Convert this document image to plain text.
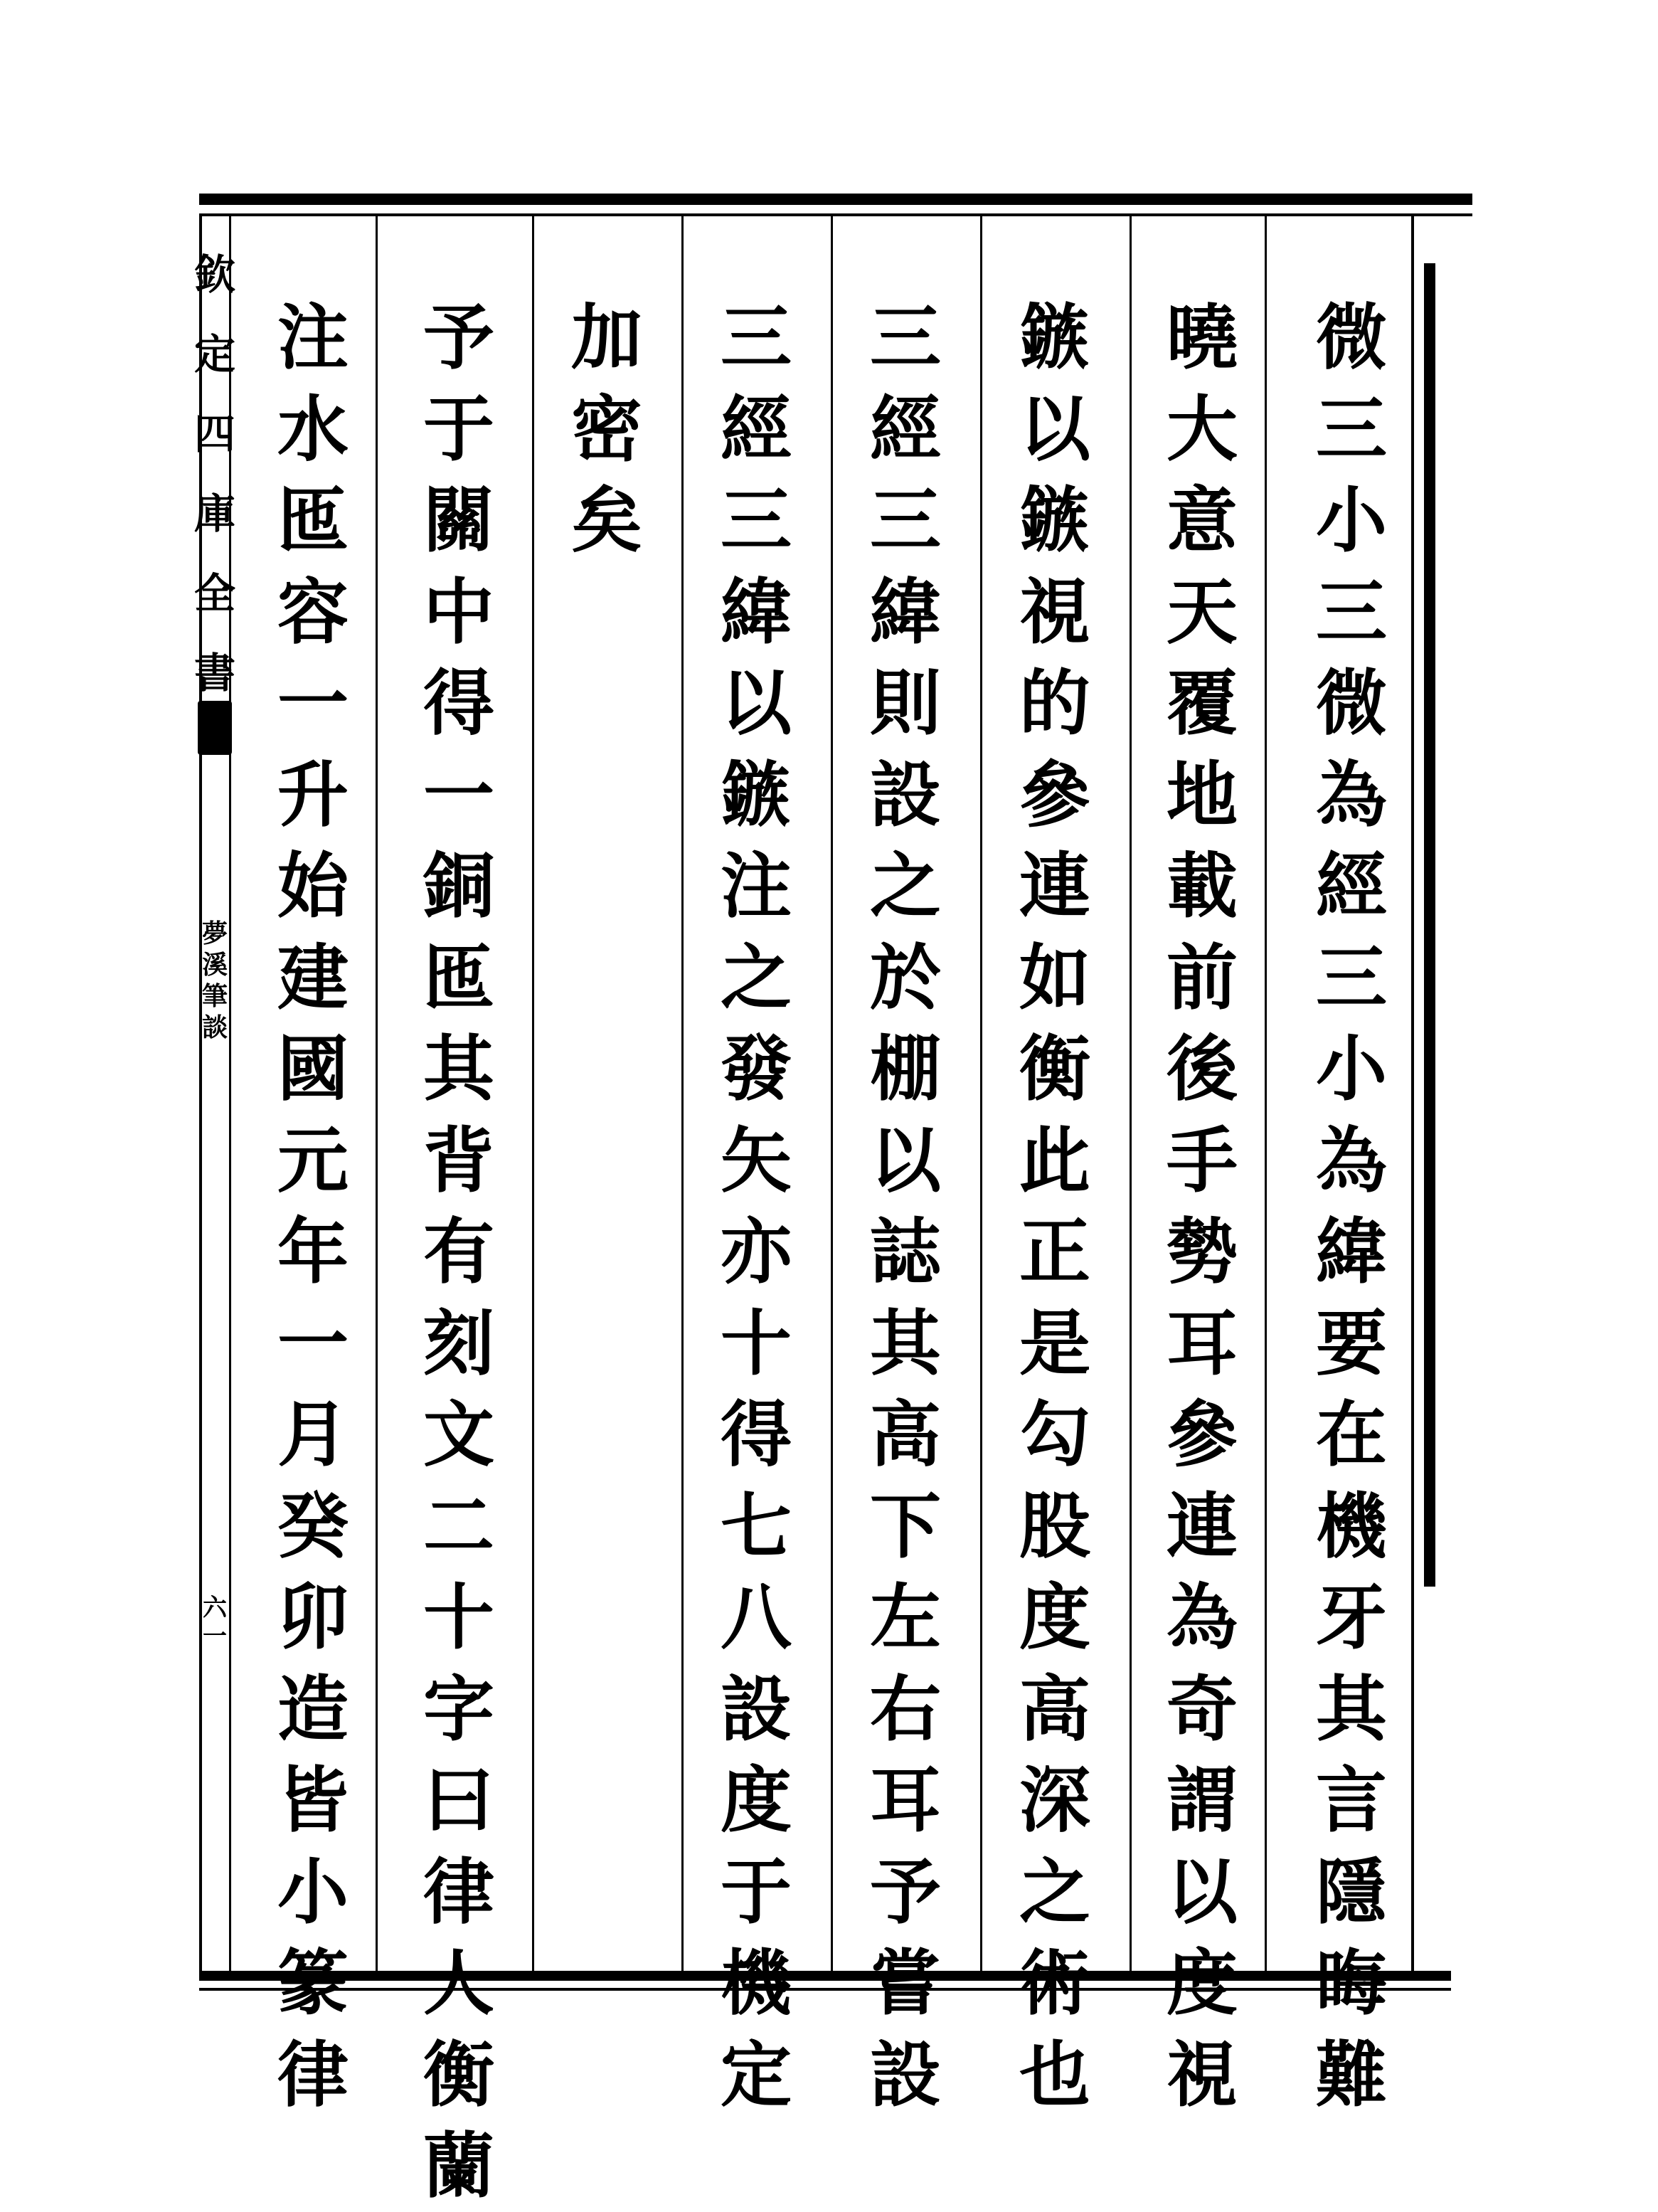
欽
定
四
庫
全
書
夢
溪
筆
談
六
一
微
三
小
三
微
為
經
三
小
為
緯
要
在
機
牙
其
言
隱
晦
難
曉
大
意
天
覆
地
載
前
後
手
勢
耳
參
連
為
奇
謂
以
度
視
鏃
以
鏃
視
的
參
連
如
衡
此
正
是
勾
股
度
高
深
之
術
也
三
經
三
緯
則
設
之
於
棚
以
誌
其
高
下
左
右
耳
予
嘗
設
三
經
三
緯
以
鏃
注
之
發
矢
亦
十
得
七
八
設
度
于
機
定
加
密
矣
予
于
關
中
得
一
銅
匜
其
背
有
刻
文
二
十
字
曰
律
人
衡
蘭
注
水
匜
容
一
升
始
建
國
元
年
一
月
癸
卯
造
皆
小
篆
律
